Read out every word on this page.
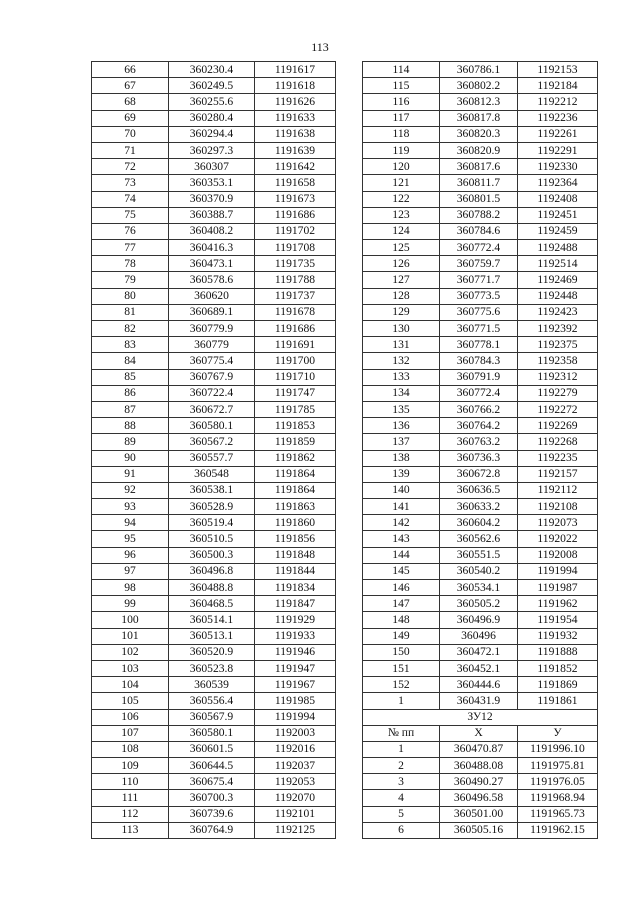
113
66	360230.4	1191617
67	360249.5	1191618
68	360255.6	1191626
69	360280.4	1191633
70	360294.4	1191638
71	360297.3	1191639
72	360307	1191642
73	360353.1	1191658
74	360370.9	1191673
75	360388.7	1191686
76	360408.2	1191702
77	360416.3	1191708
78	360473.1	1191735
79	360578.6	1191788
80	360620	1191737
81	360689.1	1191678
82	360779.9	1191686
83	360779	1191691
84	360775.4	1191700
85	360767.9	1191710
86	360722.4	1191747
87	360672.7	1191785
88	360580.1	1191853
89	360567.2	1191859
90	360557.7	1191862
91	360548	1191864
92	360538.1	1191864
93	360528.9	1191863
94	360519.4	1191860
95	360510.5	1191856
96	360500.3	1191848
97	360496.8	1191844
98	360488.8	1191834
99	360468.5	1191847
100	360514.1	1191929
101	360513.1	1191933
102	360520.9	1191946
103	360523.8	1191947
104	360539	1191967
105	360556.4	1191985
106	360567.9	1191994
107	360580.1	1192003
108	360601.5	1192016
109	360644.5	1192037
110	360675.4	1192053
111	360700.3	1192070
112	360739.6	1192101
113	360764.9	1192125
114	360786.1	1192153
115	360802.2	1192184
116	360812.3	1192212
117	360817.8	1192236
118	360820.3	1192261
119	360820.9	1192291
120	360817.6	1192330
121	360811.7	1192364
122	360801.5	1192408
123	360788.2	1192451
124	360784.6	1192459
125	360772.4	1192488
126	360759.7	1192514
127	360771.7	1192469
128	360773.5	1192448
129	360775.6	1192423
130	360771.5	1192392
131	360778.1	1192375
132	360784.3	1192358
133	360791.9	1192312
134	360772.4	1192279
135	360766.2	1192272
136	360764.2	1192269
137	360763.2	1192268
138	360736.3	1192235
139	360672.8	1192157
140	360636.5	1192112
141	360633.2	1192108
142	360604.2	1192073
143	360562.6	1192022
144	360551.5	1192008
145	360540.2	1191994
146	360534.1	1191987
147	360505.2	1191962
148	360496.9	1191954
149	360496	1191932
150	360472.1	1191888
151	360452.1	1191852
152	360444.6	1191869
1	360431.9	1191861
ЗУ12		
№ пп	X	У
1	360470.87	1191996.10
2	360488.08	1191975.81
3	360490.27	1191976.05
4	360496.58	1191968.94
5	360501.00	1191965.73
6	360505.16	1191962.15
